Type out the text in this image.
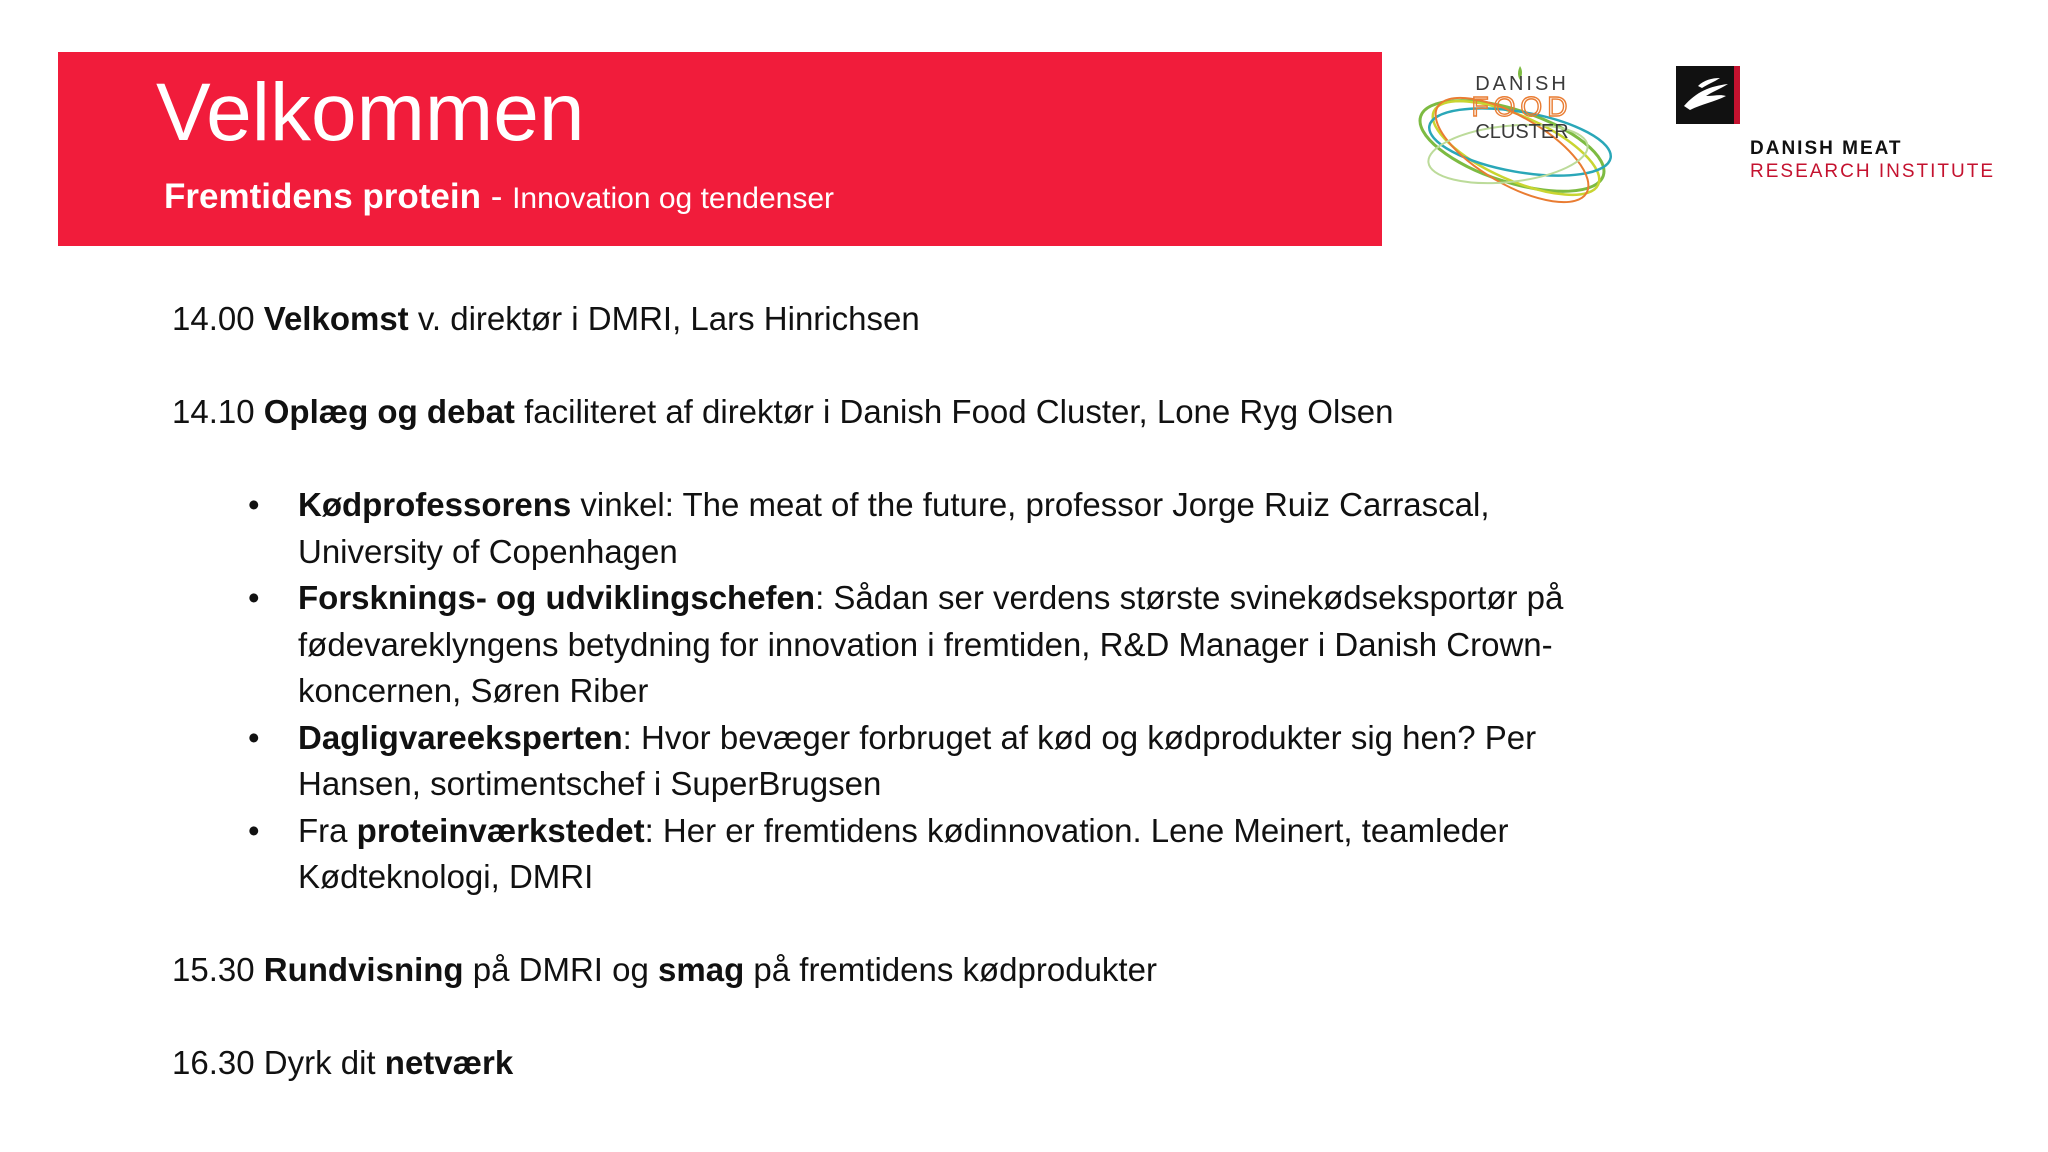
Velkommen
Fremtidens protein - Innovation og tendenser
DANISH
FOOD
CLUSTER
DANISH MEAT
RESEARCH INSTITUTE
14.00 Velkomst v. direktør i DMRI, Lars Hinrichsen
14.10 Oplæg og debat faciliteret af direktør i Danish Food Cluster, Lone Ryg Olsen
• Kødprofessorens vinkel: The meat of the future, professor Jorge Ruiz Carrascal,
University of Copenhagen
• Forsknings- og udviklingschefen: Sådan ser verdens største svinekødseksportør på
fødevareklyngens betydning for innovation i fremtiden, R&D Manager i Danish Crown-
koncernen, Søren Riber
• Dagligvareeksperten: Hvor bevæger forbruget af kød og kødprodukter sig hen? Per
Hansen, sortimentschef i SuperBrugsen
• Fra proteinværkstedet: Her er fremtidens kødinnovation. Lene Meinert, teamleder
Kødteknologi, DMRI
15.30 Rundvisning på DMRI og smag på fremtidens kødprodukter
16.30 Dyrk dit netværk
